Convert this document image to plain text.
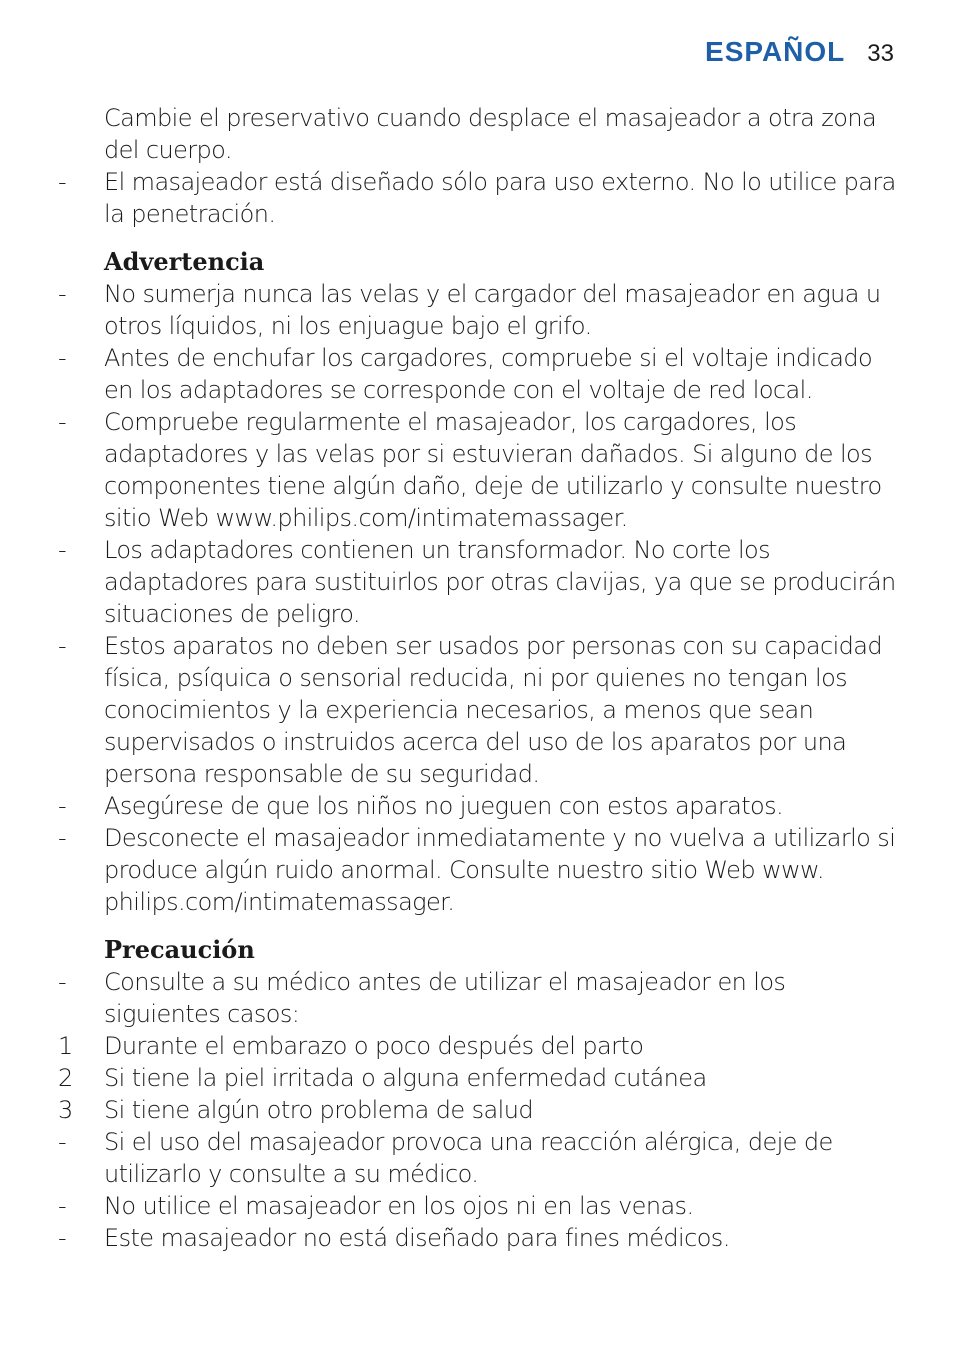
ESPAÑOL 33
Cambie el preservativo cuando desplace el masajeador a otra zona del cuerpo.
-	El masajeador está diseñado sólo para uso externo. No lo utilice para la penetración.
Advertencia
-	No sumerja nunca las velas y el cargador del masajeador en agua u otros líquidos, ni los enjuague bajo el grifo.
-	Antes de enchufar los cargadores, compruebe si el voltaje indicado en los adaptadores se corresponde con el voltaje de red local.
-	Compruebe regularmente el masajeador, los cargadores, los adaptadores y las velas por si estuvieran dañados. Si alguno de los componentes tiene algún daño, deje de utilizarlo y consulte nuestro sitio Web www.philips.com/intimatemassager.
-	Los adaptadores contienen un transformador. No corte los adaptadores para sustituirlos por otras clavijas, ya que se producirán situaciones de peligro.
-	Estos aparatos no deben ser usados por personas con su capacidad física, psíquica o sensorial reducida, ni por quienes no tengan los conocimientos y la experiencia necesarios, a menos que sean supervisados o instruidos acerca del uso de los aparatos por una persona responsable de su seguridad.
-	Asegúrese de que los niños no jueguen con estos aparatos.
-	Desconecte el masajeador inmediatamente y no vuelva a utilizarlo si produce algún ruido anormal. Consulte nuestro sitio Web www. philips.com/intimatemassager.
Precaución
-	Consulte a su médico antes de utilizar el masajeador en los siguientes casos:
1	Durante el embarazo o poco después del parto
2	Si tiene la piel irritada o alguna enfermedad cutánea
3	Si tiene algún otro problema de salud
-	Si el uso del masajeador provoca una reacción alérgica, deje de utilizarlo y consulte a su médico.
-	No utilice el masajeador en los ojos ni en las venas.
-	Este masajeador no está diseñado para fines médicos.
